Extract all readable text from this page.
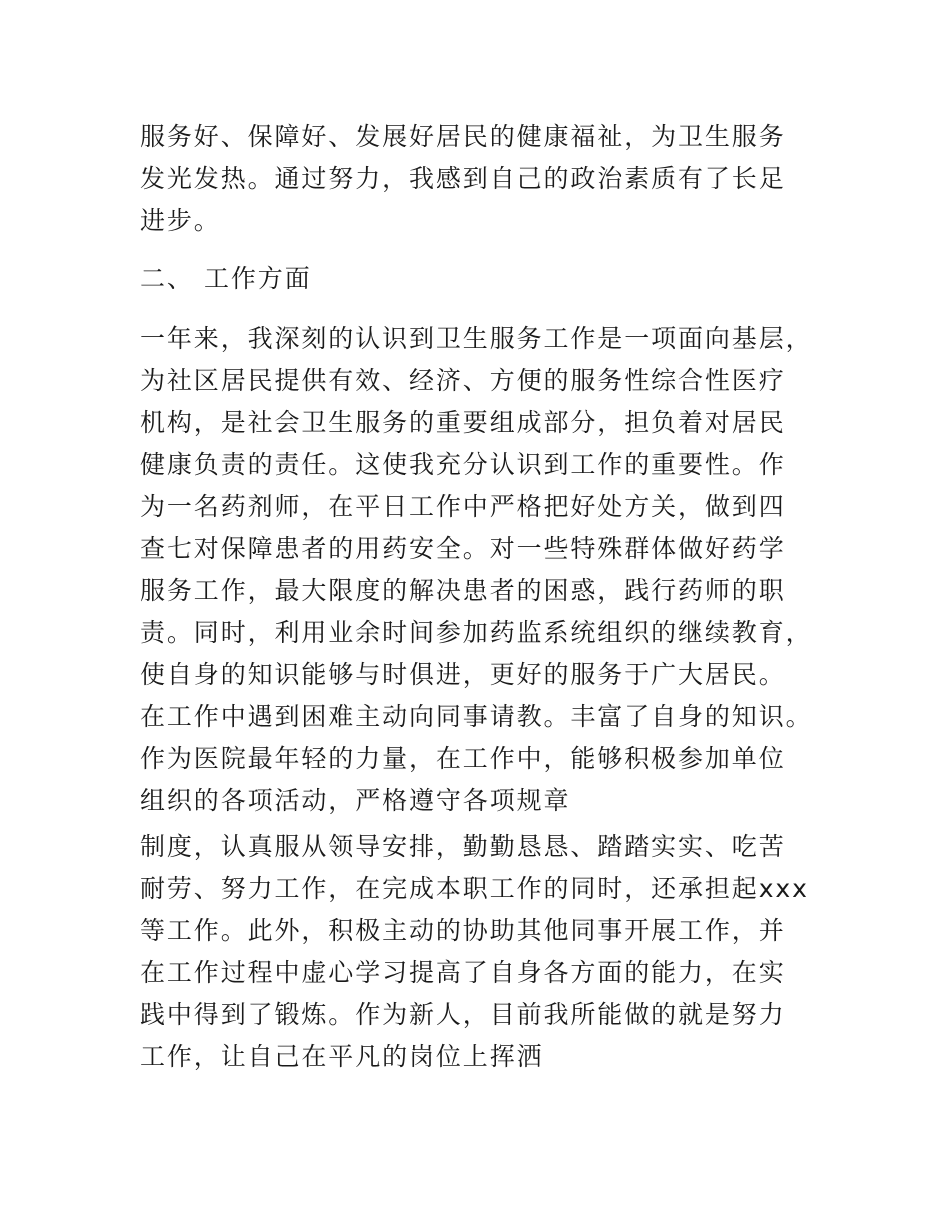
服务好、保障好、发展好居民的健康福祉，为卫生服务
发光发热。通过努力，我感到自己的政治素质有了长足
进步。
二、 工作方面
一年来，我深刻的认识到卫生服务工作是一项面向基层，
为社区居民提供有效、经济、方便的服务性综合性医疗
机构，是社会卫生服务的重要组成部分，担负着对居民
健康负责的责任。这使我充分认识到工作的重要性。作
为一名药剂师，在平日工作中严格把好处方关，做到四
查七对保障患者的用药安全。对一些特殊群体做好药学
服务工作，最大限度的解决患者的困惑，践行药师的职
责。同时，利用业余时间参加药监系统组织的继续教育，
使自身的知识能够与时俱进，更好的服务于广大居民。
在工作中遇到困难主动向同事请教。丰富了自身的知识。
作为医院最年轻的力量，在工作中，能够积极参加单位
组织的各项活动，严格遵守各项规章
制度，认真服从领导安排，勤勤恳恳、踏踏实实、吃苦
耐劳、努力工作，在完成本职工作的同时，还承担起xxx
等工作。此外，积极主动的协助其他同事开展工作，并
在工作过程中虚心学习提高了自身各方面的能力，在实
践中得到了锻炼。作为新人，目前我所能做的就是努力
工作，让自己在平凡的岗位上挥洒
